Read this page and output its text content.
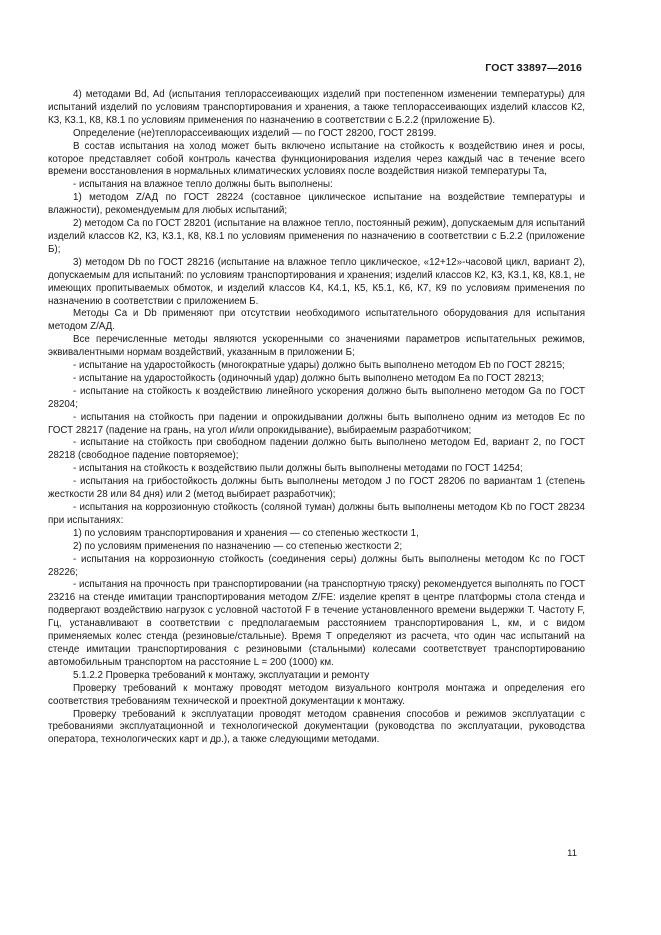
ГОСТ 33897—2016

4) методами Bd, Ad (испытания теплорассеивающих изделий при постепенном изменении температуры) для испытаний изделий по условиям транспортирования и хранения, а также теплорассеивающих изделий классов К2, К3, К3.1, К8, К8.1 по условиям применения по назначению в соответствии с Б.2.2 (приложение Б).

Определение (не)теплорассеивающих изделий — по ГОСТ 28200, ГОСТ 28199.

В состав испытания на холод может быть включено испытание на стойкость к воздействию инея и росы, которое представляет собой контроль качества функционирования изделия через каждый час в течение всего времени восстановления в нормальных климатических условиях после воздействия низкой температуры Та,

- испытания на влажное тепло должны быть выполнены:

1) методом Z/АД по ГОСТ 28224 (составное циклическое испытание на воздействие температуры и влажности), рекомендуемым для любых испытаний;

2) методом Са по ГОСТ 28201 (испытание на влажное тепло, постоянный режим), допускаемым для испытаний изделий классов К2, К3, К3.1, К8, К8.1 по условиям применения по назначению в соответствии с Б.2.2 (приложение Б);

3) методом Db по ГОСТ 28216 (испытание на влажное тепло циклическое, «12+12»-часовой цикл, вариант 2), допускаемым для испытаний: по условиям транспортирования и хранения; изделий классов К2, К3, К3.1, К8, К8.1, не имеющих пропитываемых обмоток, и изделий классов К4, К4.1, К5, К5.1, К6, К7, К9 по условиям применения по назначению в соответствии с приложением Б.

Методы Са и Db применяют при отсутствии необходимого испытательного оборудования для испытания методом Z/АД.

Все перечисленные методы являются ускоренными со значениями параметров испытательных режимов, эквивалентными нормам воздействий, указанным в приложении Б;

- испытание на ударостойкость (многократные удары) должно быть выполнено методом Eb по ГОСТ 28215;

- испытание на ударостойкость (одиночный удар) должно быть выполнено методом Еа по ГОСТ 28213;

- испытание на стойкость к воздействию линейного ускорения должно быть выполнено методом Ga по ГОСТ 28204;

- испытания на стойкость при падении и опрокидывании должны быть выполнено одним из методов Ес по ГОСТ 28217 (падение на грань, на угол и/или опрокидывание), выбираемым разработчиком;

- испытание на стойкость при свободном падении должно быть выполнено методом Ed, вариант 2, по ГОСТ 28218 (свободное падение повторяемое);

- испытания на стойкость к воздействию пыли должны быть выполнены методами по ГОСТ 14254;

- испытания на грибостойкость должны быть выполнены методом J по ГОСТ 28206 по вариантам 1 (степень жесткости 28 или 84 дня) или 2 (метод выбирает разработчик);

- испытания на коррозионную стойкость (соляной туман) должны быть выполнены методом Kb по ГОСТ 28234 при испытаниях:

1) по условиям транспортирования и хранения — со степенью жесткости 1,

2) по условиям применения по назначению — со степенью жесткости 2;

- испытания на коррозионную стойкость (соединения серы) должны быть выполнены методом Кс по ГОСТ 28226;

- испытания на прочность при транспортировании (на транспортную тряску) рекомендуется выполнять по ГОСТ 23216 на стенде имитации транспортирования методом Z/FE: изделие крепят в центре платформы стола стенда и подвергают воздействию нагрузок с условной частотой F в течение установленного времени выдержки Т. Частоту F, Гц, устанавливают в соответствии с предполагаемым расстоянием транспортирования L, км, и с видом применяемых колес стенда (резиновые/стальные). Время Т определяют из расчета, что один час испытаний на стенде имитации транспортирования с резиновыми (стальными) колесами соответствует транспортированию автомобильным транспортом на расстояние L = 200 (1000) км.

5.1.2.2 Проверка требований к монтажу, эксплуатации и ремонту

Проверку требований к монтажу проводят методом визуального контроля монтажа и определения его соответствия требованиям технической и проектной документации к монтажу.

Проверку требований к эксплуатации проводят методом сравнения способов и режимов эксплуатации с требованиями эксплуатационной и технологической документации (руководства по эксплуатации, руководства оператора, технологических карт и др.), а также следующими методами.

11
